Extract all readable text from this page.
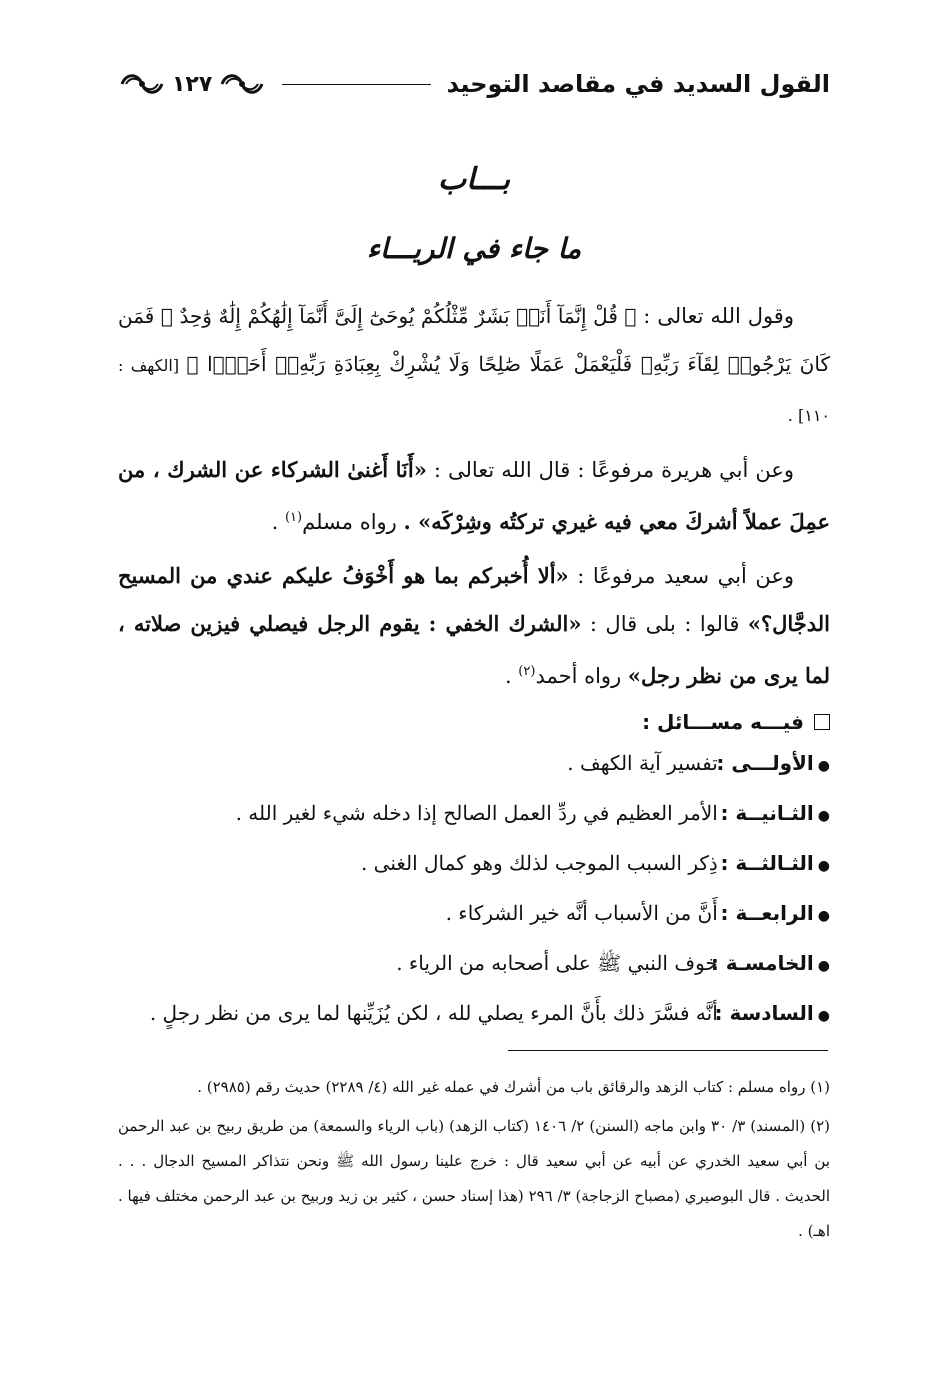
القول السديد في مقاصد التوحيد
١٢٧
بـــاب
ما جاء في الريـــاء

وقول الله تعالى : ﴿ قُلْ إِنَّمَآ أَنَا۠ بَشَرٌ مِّثْلُكُمْ يُوحَىٰٓ إِلَىَّ أَنَّمَآ إِلَٰهُكُمْ إِلَٰهٌ وَٰحِدٌ ۖ فَمَن كَانَ يَرْجُوا۟ لِقَآءَ رَبِّهِۦ فَلْيَعْمَلْ عَمَلًا صَٰلِحًا وَلَا يُشْرِكْ بِعِبَادَةِ رَبِّهِۦٓ أَحَدًۢا ﴾ [الكهف : ١١٠] .

وعن أبي هريرة مرفوعًا : قال الله تعالى : «أَنَا أَغنىٰ الشركاء عن الشرك ، من عمِلَ عملاً أشركَ معي فيه غيري تركتُه وشِرْكَه» . رواه مسلم$^{(١)}$ .

وعن أبي سعيد مرفوعًا : «ألا أُخبركم بما هو أَخْوَفُ عليكم عندي من المسيح الدجَّال؟» قالوا : بلى قال : «الشرك الخفي : يقوم الرجل فيصلي فيزين صلاته ، لما يرى من نظر رجل» رواه أحمد$^{(٢)}$ .

فيـــه مســـائل :
●
الأولـــى :
تفسير آية الكهف .
●
الثـانيــة :
الأمر العظيم في ردِّ العمل الصالح إذا دخله شيء لغير الله .
●
الثـالثــة :
ذِكر السبب الموجب لذلك وهو كمال الغنى .
●
الرابعــة :
أَنَّ من الأسباب أنَّه خير الشركاء .
●
الخامسـة :
خوف النبي ﷺ على أصحابه من الرياء .
●
السادسة :
أنَّه فسَّرَ ذلك بأَنَّ المرء يصلي لله ، لكن يُزَيِّنها لما يرى من نظر رجلٍ .

(١) رواه مسلم : كتاب الزهد والرقائق باب من أشرك في عمله غير الله (٤/ ٢٢٨٩) حديث رقم (٢٩٨٥) .

(٢) (المسند) ٣/ ٣٠ وابن ماجه (السنن) ٢/ ١٤٠٦ (كتاب الزهد) (باب الرياء والسمعة) من طريق ربيح بن عبد الرحمن بن أبي سعيد الخدري عن أبيه عن أبي سعيد قال : خرج علينا رسول الله ﷺ ونحن نتذاكر المسيح الدجال . . . الحديث . قال البوصيري (مصباح الزجاجة) ٣/ ٢٩٦ (هذا إسناد حسن ، كثير بن زيد وربيح بن عبد الرحمن مختلف فيها . اهـ) .
